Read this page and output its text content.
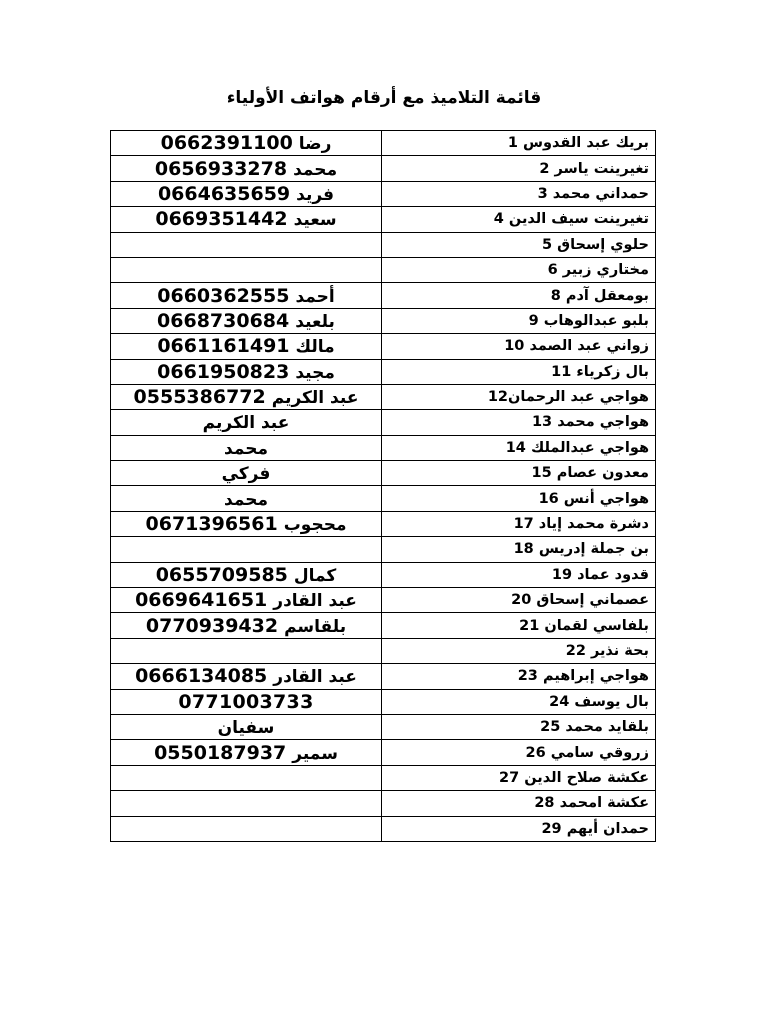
قائمة التلاميذ مع أرقام هواتف الأولياء
0662391100 رضا	بريك عبد القدوس 1
0656933278 محمد	تغيرينت ياسر 2
0664635659 فريد	حمداني محمد 3
0669351442 سعيد	تغيرينت سيف الدين 4
	حلوي إسحاق 5
	مختاري زبير 6
0660362555 أحمد	بومعقل آدم 8
0668730684 بلعيد	بلبو عبدالوهاب 9
0661161491 مالك	زواني عبد الصمد 10
0661950823 مجيد	بال زكرياء 11
0555386772 عبد الكريم	هواجي عبد الرحمان12
عبد الكريم	هواجي محمد 13
محمد	هواجي عبدالملك 14
فركي	معدون عصام 15
محمد	هواجي أنس 16
0671396561 محجوب	دشرة محمد إياد 17
	بن جملة إدريس 18
0655709585 كمال	قدود عماد 19
0669641651 عبد القادر	عصماني إسحاق 20
0770939432 بلقاسم	بلفاسي لقمان 21
	بحة نذير 22
0666134085 عبد القادر	هواجي إبراهيم 23
0771003733	بال يوسف 24
سفيان	بلقايد محمد 25
0550187937 سمير	زروقي سامي 26
	عكشة صلاح الدين 27
	عكشة امحمد 28
	حمدان أيهم 29
